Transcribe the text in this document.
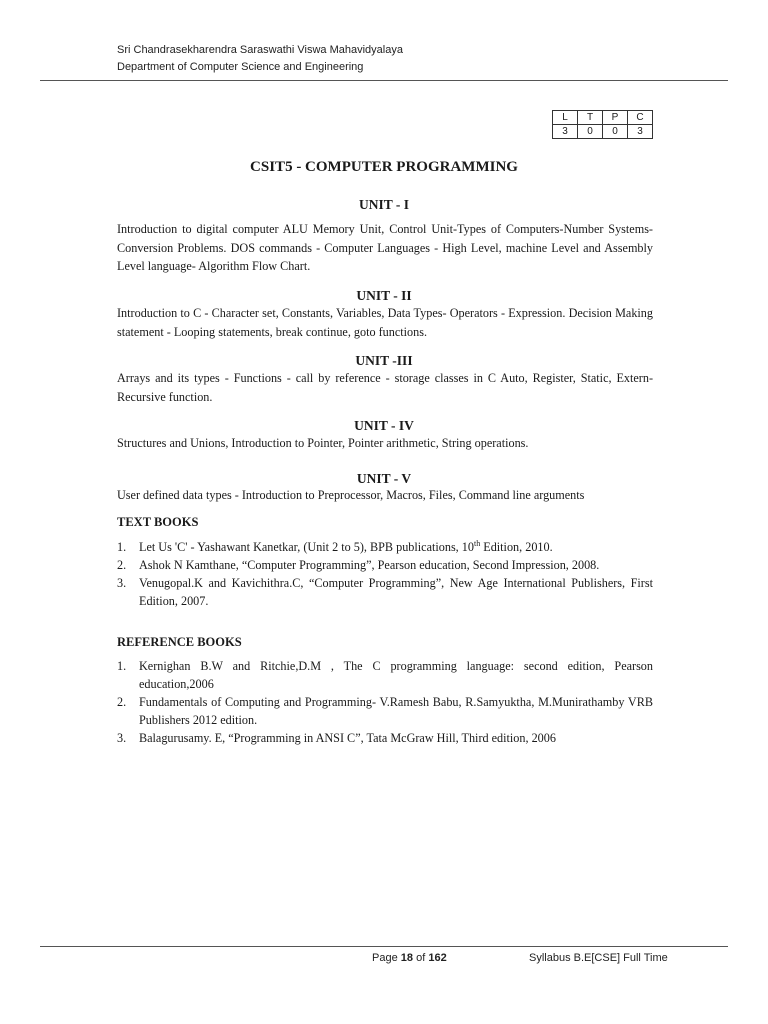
Sri Chandrasekharendra Saraswathi Viswa Mahavidyalaya
Department of Computer Science and Engineering
L	T	P	C
3	0	0	3
CSIT5 - COMPUTER PROGRAMMING
UNIT - I
Introduction to digital computer ALU Memory Unit, Control Unit-Types of Computers-Number Systems-Conversion Problems. DOS commands - Computer Languages - High Level, machine Level and Assembly Level language- Algorithm Flow Chart.
UNIT - II
Introduction to C - Character set, Constants, Variables, Data Types- Operators - Expression. Decision Making statement - Looping statements, break continue, goto functions.
UNIT -III
Arrays and its types - Functions - call by reference - storage classes in C Auto, Register, Static, Extern- Recursive function.
UNIT - IV
Structures and Unions, Introduction to Pointer, Pointer arithmetic, String operations.
UNIT - V
User defined data types - Introduction to Preprocessor, Macros, Files, Command line arguments
TEXT BOOKS
1. Let Us 'C' - Yashawant Kanetkar, (Unit 2 to 5), BPB publications, 10th Edition, 2010.
2. Ashok N Kamthane, “Computer Programming”, Pearson education, Second Impression, 2008.
3. Venugopal.K and Kavichithra.C, “Computer Programming”, New Age International Publishers, First Edition, 2007.
REFERENCE BOOKS
1. Kernighan B.W and Ritchie,D.M , The C programming language: second edition, Pearson education,2006
2. Fundamentals of Computing and Programming- V.Ramesh Babu, R.Samyuktha, M.Munirathamby VRB Publishers 2012 edition.
3. Balagurusamy. E, “Programming in ANSI C”, Tata McGraw Hill, Third edition, 2006
Page 18 of 162	Syllabus B.E[CSE] Full Time
